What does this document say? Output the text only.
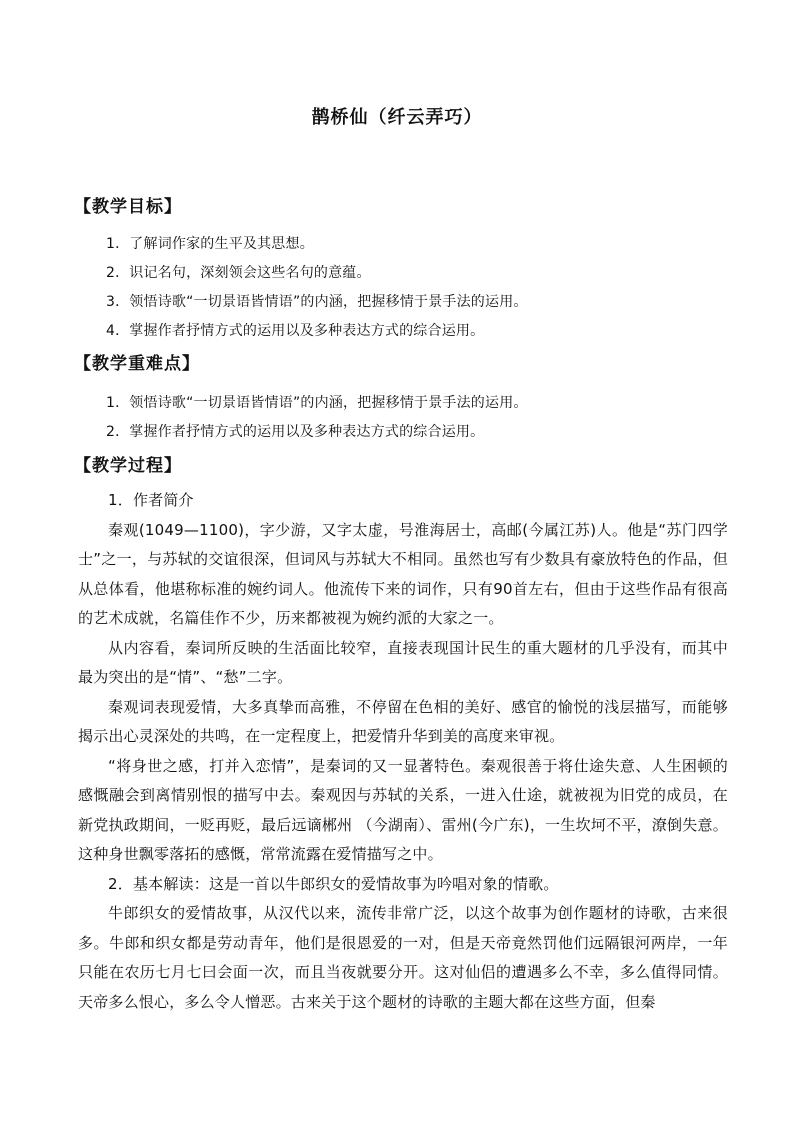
鹊桥仙（纤云弄巧）
【教学目标】
1．了解词作家的生平及其思想。
2．识记名句，深刻领会这些名句的意蕴。
3．领悟诗歌“一切景语皆情语”的内涵，把握移情于景手法的运用。
4．掌握作者抒情方式的运用以及多种表达方式的综合运用。
【教学重难点】
1．领悟诗歌“一切景语皆情语”的内涵，把握移情于景手法的运用。
2．掌握作者抒情方式的运用以及多种表达方式的综合运用。
【教学过程】

1．作者简介

秦观(1049—1100)，字少游，又字太虚，号淮海居士，高邮(今属江苏)人。他是“苏门四学士”之一，与苏轼的交谊很深，但词风与苏轼大不相同。虽然也写有少数具有豪放特色的作品，但从总体看，他堪称标准的婉约词人。他流传下来的词作，只有90首左右，但由于这些作品有很高的艺术成就，名篇佳作不少，历来都被视为婉约派的大家之一。

从内容看，秦词所反映的生活面比较窄，直接表现国计民生的重大题材的几乎没有，而其中最为突出的是“情”、“愁”二字。

秦观词表现爱情，大多真挚而高雅，不停留在色相的美好、感官的愉悦的浅层描写，而能够揭示出心灵深处的共鸣，在一定程度上，把爱情升华到美的高度来审视。

“将身世之感，打并入恋情”，是秦词的又一显著特色。秦观很善于将仕途失意、人生困顿的感慨融会到离情别恨的描写中去。秦观因与苏轼的关系，一进入仕途，就被视为旧党的成员，在新党执政期间，一贬再贬，最后远谪郴州 （今湖南）、雷州(今广东)，一生坎坷不平，潦倒失意。这种身世飘零落拓的感慨，常常流露在爱情描写之中。

2．基本解读：这是一首以牛郎织女的爱情故事为吟唱对象的情歌。

牛郎织女的爱情故事，从汉代以来，流传非常广泛，以这个故事为创作题材的诗歌，古来很多。牛郎和织女都是劳动青年，他们是很恩爱的一对，但是天帝竟然罚他们远隔银河两岸，一年只能在农历七月七曰会面一次，而且当夜就要分开。这对仙侣的遭遇多么不幸，多么值得同情。天帝多么恨心，多么令人憎恶。古来关于这个题材的诗歌的主题大都在这些方面，但秦
